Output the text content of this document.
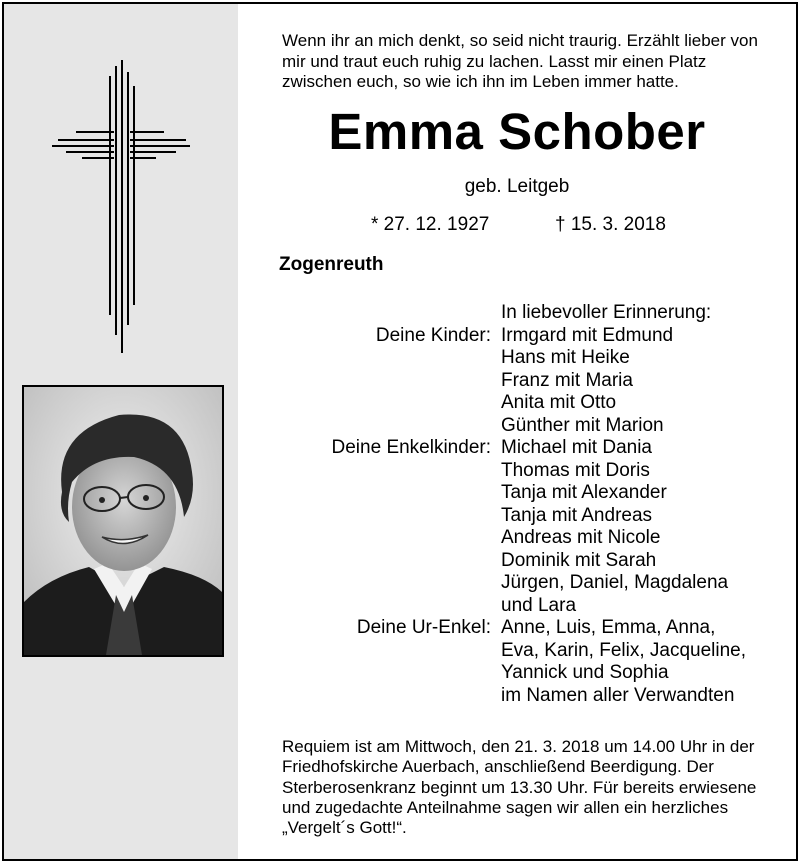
Wenn ihr an mich denkt, so seid nicht traurig. Erzählt lieber von mir und traut euch ruhig zu lachen. Lasst mir einen Platz zwischen euch, so wie ich ihn im Leben immer hatte.
Emma Schober
geb. Leitgeb
* 27. 12. 1927	† 15. 3. 2018
Zogenreuth
In liebevoller Erinnerung:
Deine Kinder: Irmgard mit Edmund
Hans mit Heike
Franz mit Maria
Anita mit Otto
Günther mit Marion
Deine Enkelkinder: Michael mit Dania
Thomas mit Doris
Tanja mit Alexander
Tanja mit Andreas
Andreas mit Nicole
Dominik mit Sarah
Jürgen, Daniel, Magdalena
und Lara
Deine Ur-Enkel: Anne, Luis, Emma, Anna,
Eva, Karin, Felix, Jacqueline,
Yannick und Sophia
im Namen aller Verwandten
Requiem ist am Mittwoch, den 21. 3. 2018 um 14.00 Uhr in der Friedhofskirche Auerbach, anschließend Beerdigung. Der Sterberosenkranz beginnt um 13.30 Uhr. Für bereits erwiesene und zugedachte Anteilnahme sagen wir allen ein herzliches „Vergelt´s Gott!“.
